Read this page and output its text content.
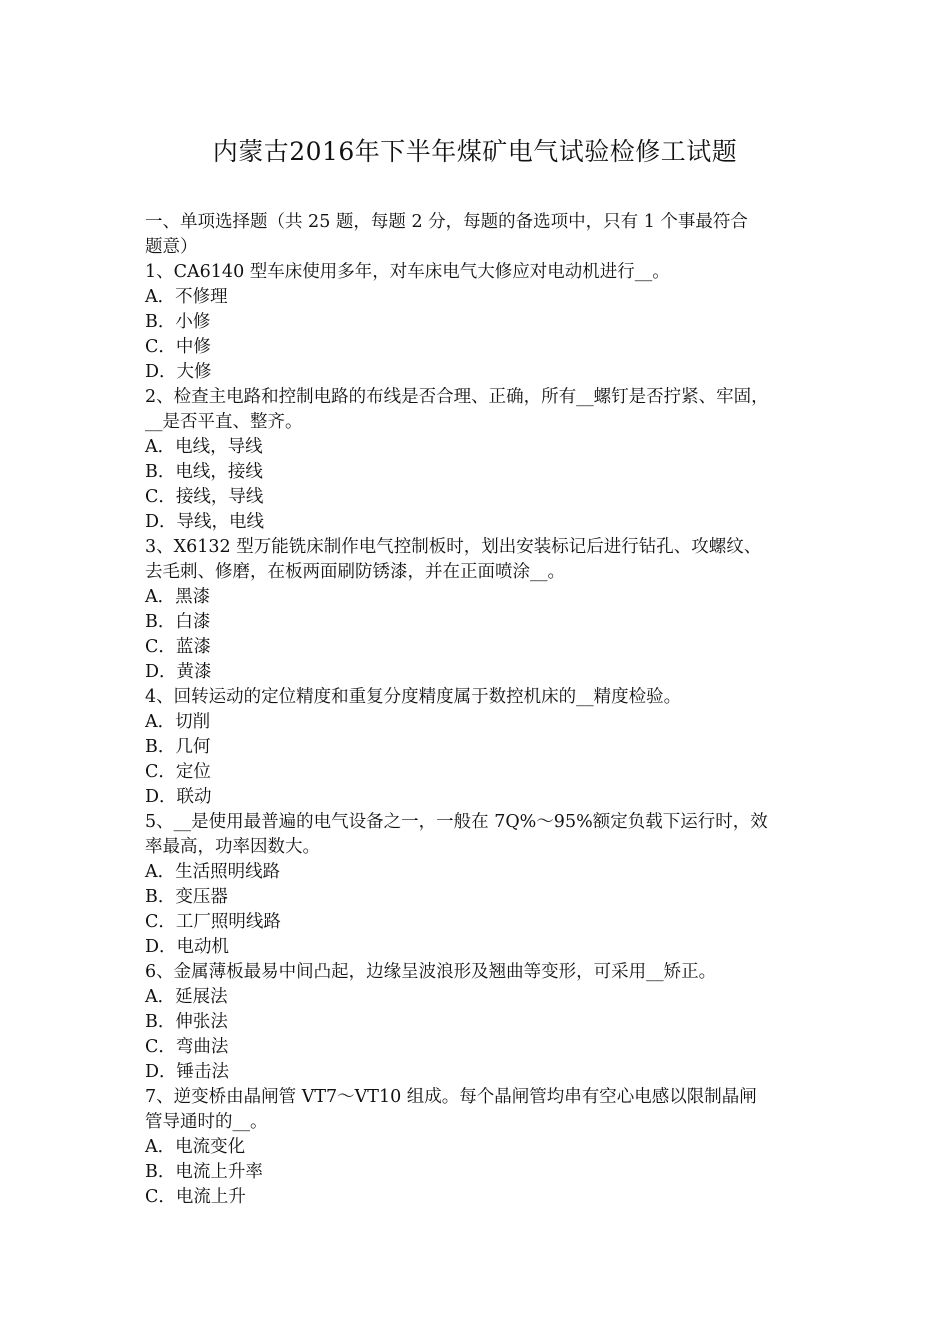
内蒙古2016年下半年煤矿电气试验检修工试题
一、单项选择题（共 25 题，每题 2 分，每题的备选项中，只有 1 个事最符合
题意）
1、CA6140 型车床使用多年，对车床电气大修应对电动机进行__。
A．不修理
B．小修
C．中修
D．大修
2、检查主电路和控制电路的布线是否合理、正确，所有__螺钉是否拧紧、牢固，
__是否平直、整齐。
A．电线，导线
B．电线，接线
C．接线，导线
D．导线，电线
3、X6132 型万能铣床制作电气控制板时，划出安装标记后进行钻孔、攻螺纹、
去毛刺、修磨，在板两面刷防锈漆，并在正面喷涂__。
A．黑漆
B．白漆
C．蓝漆
D．黄漆
4、回转运动的定位精度和重复分度精度属于数控机床的__精度检验。
A．切削
B．几何
C．定位
D．联动
5、__是使用最普遍的电气设备之一，一般在 7Q%～95%额定负载下运行时，效
率最高，功率因数大。
A．生活照明线路
B．变压器
C．工厂照明线路
D．电动机
6、金属薄板最易中间凸起，边缘呈波浪形及翘曲等变形，可采用__矫正。
A．延展法
B．伸张法
C．弯曲法
D．锤击法
7、逆变桥由晶闸管 VT7～VT10 组成。每个晶闸管均串有空心电感以限制晶闸
管导通时的__。
A．电流变化
B．电流上升率
C．电流上升
